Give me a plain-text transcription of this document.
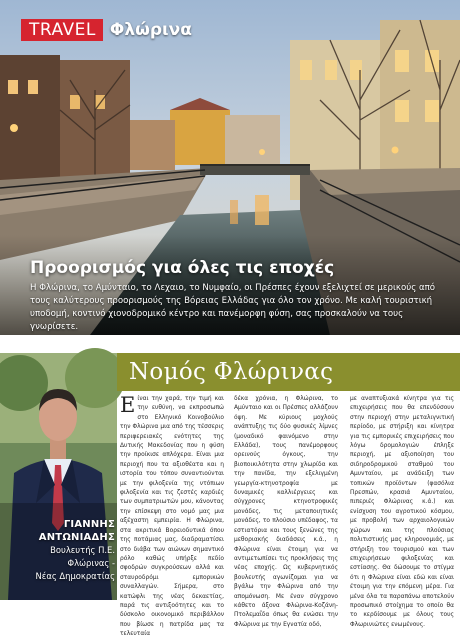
TRAVEL Φλώρινα
Προορισμός για όλες τις εποχές
Η Φλώρινα, το Αμύνταιο, το Λεχαιο, το Νυμφαίο, οι Πρέσπες έχουν εξελιχτεί σε μερικούς από τους καλύτερους προορισμούς της Βόρειας Ελλάδας για όλο τον χρόνο. Με καλή τουριστική υποδομή, κοντινό χιονοδρομικό κέντρο και πανέμορφη φύση, σας προσκαλούν να τους γνωρίσετε.
ΓΙΑΝΝΗΣ
ΑΝΤΩΝΙΑΔΗΣ
Βουλευτής Π.Ε.
Φλώρινας -
Νέας Δημοκρατίας
Νομός Φλώρινας
Είναι την χαρά, την τιμή και την ευθύνη, να εκπροσωπώ στο Ελληνικό Κοινοβούλιο την Φλώρινα μια από της τέσσερις περιφερειακές ενότητες της Δυτικής Μακεδονίας που η φύση την προίκισε απλόχερα. Είναι μια περιοχή που τα αξιοθέατα και η ιστορία του τόπου συναντιούνται με την φιλοξενία της ντόπιων φιλοξενία και τις ζεστές καρδιές των συμπατριωτών μου, κάνοντας την επίσκεψη στο νομό μας μια αξέχαστη εμπειρία. Η Φλώρινα, στα ακριτικά Βορειοδυτικά όπου της ποτάμιας μας, διαδραματίσει στο διάβα των αιώνων σημαντικό ρόλο καθώς υπήρξε πεδίο σφοδρών συγκρούσεων αλλά και σταυροδρόμι εμπορικών συναλλαγών. Σήμερα, στο κατώφλι της νέας δεκαετίας, παρά τις αντιξοότητες και το δύσκολο οικονομικό περιβάλλον που βίωσε η πατρίδα μας τα τελευταία
δέκα χρόνια, η Φλώρινα, το Αμύνταιο και οι Πρέσπες αλλάζουν όψη. Με κύριους μοχλούς ανάπτυξης τις δύο φυσικές λίμνες (μοναδικό φαινόμενο στην Ελλάδα), τους πανέμορφους ορεινούς όγκους, την βιοποικιλότητα στην χλωρίδα και την πανίδα, την εξελιγμένη γεωργία-κτηνοτροφία με δυναμικές καλλιέργειες και σύγχρονες κτηνοτροφικές μονάδες, τις μεταποιητικές μονάδες, το πλούσιο υπέδαφος, τα εστιατόρια και τους ξενώνες της μεθοριακής διαδάσεις κ.ά., η Φλώρινα είναι έτοιμη για να αντιμετωπίσει τις προκλήσεις της νέας εποχής. Ως κυβερνητικός βουλευτής αγωνίζομαι για να βγάλω την Φλώρινα από την απομόνωση. Με έναν σύγχρονο κάθετο άξονα Φλώρινα-Κοζάνη-Πτολεμαΐδα όπως θα ενώσει την Φλώρινα με την Εγνατία οδό,
με αναπτυξιακά κίνητρα για τις επιχειρήσεις που θα επενδύσουν στην περιοχή στην μεταλιγνιτική περίοδο, με στήριξη και κίνητρα για τις εμπορικές επιχειρήσεις που λόγω δρομολογιών έπληξε περιοχή, με αξιοποίηση του σιδηροδρομικού σταθμού του Αμυνταίου, με ανάδειξη των τοπικών προϊόντων (φασόλια Πρεσπών, κρασιά Αμυνταίου, πιπεριές Φλώρινας κ.ά.) και ενίσχυση του αγροτικού κόσμου, με προβολή των αρχαιολογικών χώρων και της πλούσιας πολιτιστικής μας κληρονομιάς, με στήριξη του τουρισμού και των επιχειρήσεων φιλοξενίας και εστίασης. Θα δώσουμε το στίγμα ότι η Φλώρινα είναι εδώ και είναι έτοιμη για την επόμενη μέρα. Για μένα όλα τα παραπάνω αποτελούν προσωπικό στοίχημα το οποίο θα το κερδίσουμε με όλους τους Φλωρινιώτες ενωμένους.
